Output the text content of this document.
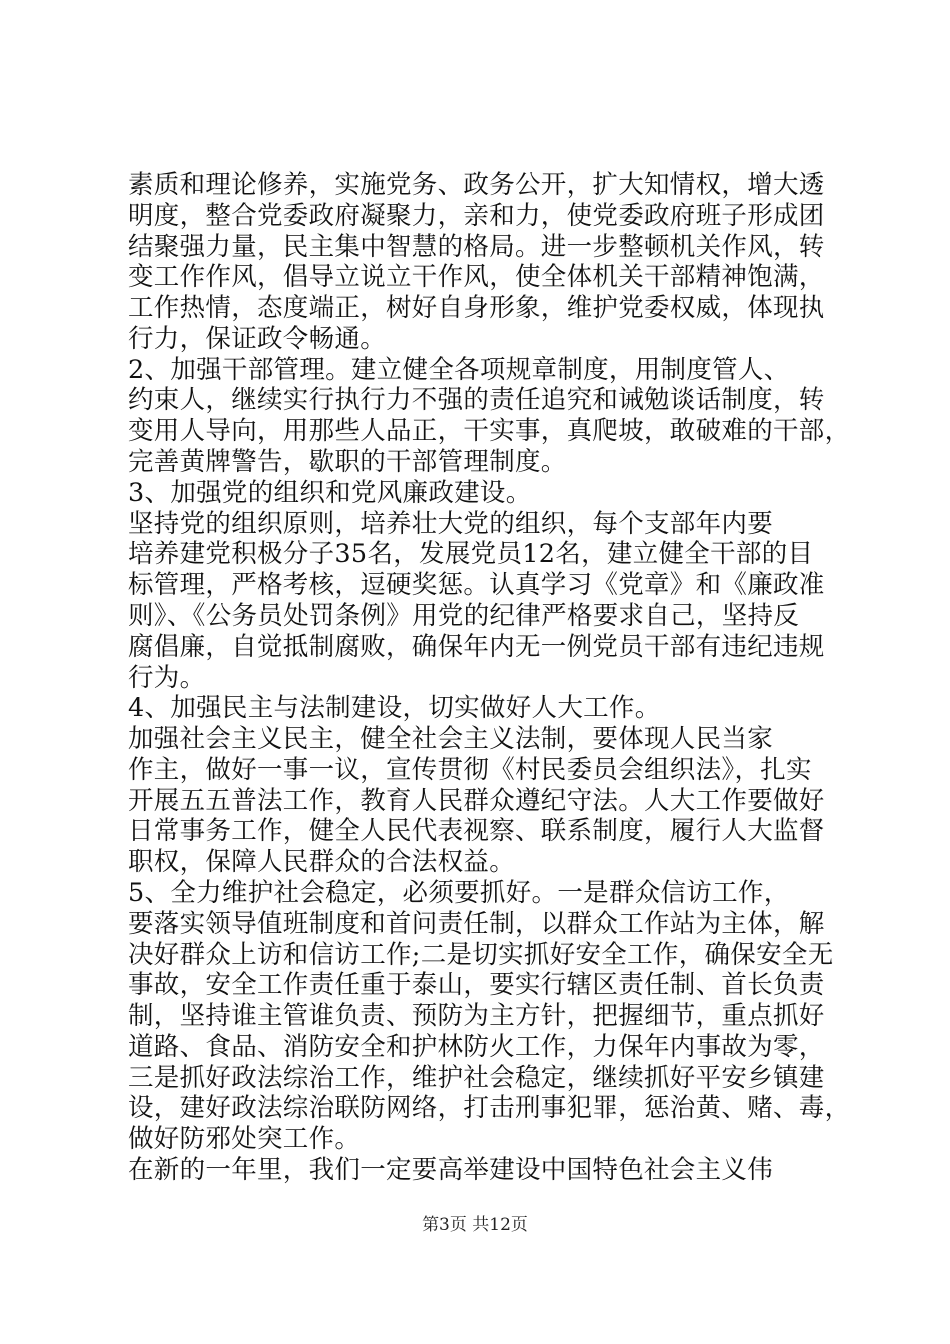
素质和理论修养，实施党务、政务公开，扩大知情权，增大透
明度，整合党委政府凝聚力，亲和力，使党委政府班子形成团
结聚强力量，民主集中智慧的格局。进一步整顿机关作风，转
变工作作风，倡导立说立干作风，使全体机关干部精神饱满，
工作热情，态度端正，树好自身形象，维护党委权威，体现执
行力，保证政令畅通。
2、加强干部管理。建立健全各项规章制度，用制度管人、
约束人，继续实行执行力不强的责任追究和诫勉谈话制度，转
变用人导向，用那些人品正，干实事，真爬坡，敢破难的干部，
完善黄牌警告，歇职的干部管理制度。
3、加强党的组织和党风廉政建设。
坚持党的组织原则，培养壮大党的组织，每个支部年内要
培养建党积极分子35名，发展党员12名，建立健全干部的目
标管理，严格考核，逗硬奖惩。认真学习《党章》和《廉政准
则》、《公务员处罚条例》用党的纪律严格要求自己，坚持反
腐倡廉，自觉抵制腐败，确保年内无一例党员干部有违纪违规
行为。
4、加强民主与法制建设，切实做好人大工作。
加强社会主义民主，健全社会主义法制，要体现人民当家
作主，做好一事一议，宣传贯彻《村民委员会组织法》，扎实
开展五五普法工作，教育人民群众遵纪守法。人大工作要做好
日常事务工作，健全人民代表视察、联系制度，履行人大监督
职权，保障人民群众的合法权益。
5、全力维护社会稳定，必须要抓好。一是群众信访工作，
要落实领导值班制度和首问责任制，以群众工作站为主体，解
决好群众上访和信访工作;二是切实抓好安全工作，确保安全无
事故，安全工作责任重于泰山，要实行辖区责任制、首长负责
制，坚持谁主管谁负责、预防为主方针，把握细节，重点抓好
道路、食品、消防安全和护林防火工作，力保年内事故为零，
三是抓好政法综治工作，维护社会稳定，继续抓好平安乡镇建
设，建好政法综治联防网络，打击刑事犯罪，惩治黄、赌、毒，
做好防邪处突工作。
在新的一年里，我们一定要高举建设中国特色社会主义伟
第3页 共12页
